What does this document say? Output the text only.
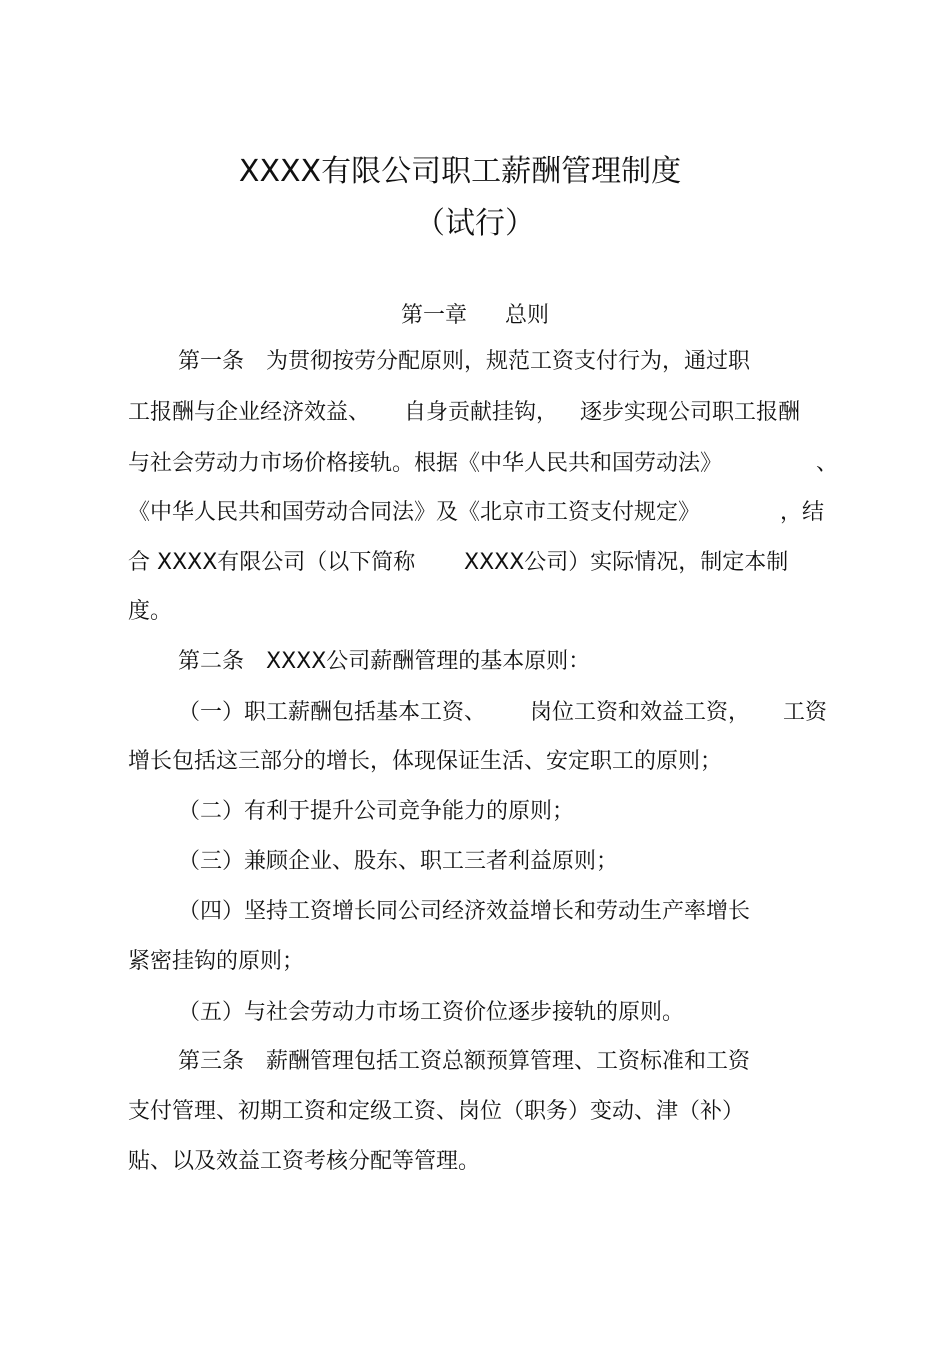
XXXX有限公司职工薪酬管理制度
（试行）
第一章 总则
第一条　为贯彻按劳分配原则，规范工资支付行为，通过职
工报酬与企业经济效益、 自身贡献挂钩， 逐步实现公司职工报酬
与社会劳动力市场价格接轨。根据《中华人民共和国劳动法》	、
《中华人民共和国劳动合同法》及《北京市工资支付规定》	，结
合 XXXX有限公司（以下简称 XXXX公司）实际情况，制定本制
度。
第二条　XXXX公司薪酬管理的基本原则：
（一）职工薪酬包括基本工资、 岗位工资和效益工资， 工资
增长包括这三部分的增长，体现保证生活、安定职工的原则；
（二）有利于提升公司竞争能力的原则；
（三）兼顾企业、股东、职工三者利益原则；
（四）坚持工资增长同公司经济效益增长和劳动生产率增长
紧密挂钩的原则；
（五）与社会劳动力市场工资价位逐步接轨的原则。
第三条　薪酬管理包括工资总额预算管理、工资标准和工资
支付管理、初期工资和定级工资、岗位（职务）变动、津（补）
贴、以及效益工资考核分配等管理。
